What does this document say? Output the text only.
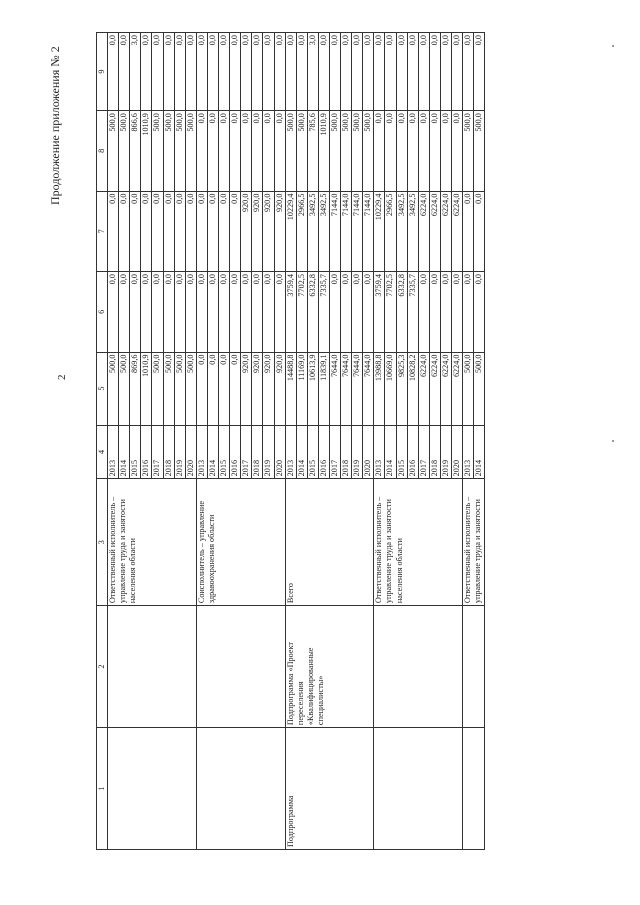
2
Продолжение приложения № 2
1	2	3	4	5	6	7	8	9
		Ответственный исполнитель – управление труда и занятости населения области	2013	500,0	0,0	0,0	500,0	0,0
			2014	500,0	0,0	0,0	500,0	0,0
			2015	869,6	0,0	0,0	866,6	3,0
			2016	1010,9	0,0	0,0	1010,9	0,0
			2017	500,0	0,0	0,0	500,0	0,0
			2018	500,0	0,0	0,0	500,0	0,0
			2019	500,0	0,0	0,0	500,0	0,0
			2020	500,0	0,0	0,0	500,0	0,0
		Соисполнитель – управление здравоохранения области	2013	0,0	0,0	0,0	0,0	0,0
			2014	0,0	0,0	0,0	0,0	0,0
			2015	0,0	0,0	0,0	0,0	0,0
			2016	0,0	0,0	0,0	0,0	0,0
			2017	920,0	0,0	920,0	0,0	0,0
			2018	920,0	0,0	920,0	0,0	0,0
			2019	920,0	0,0	920,0	0,0	0,0
			2020	920,0	0,0	920,0	0,0	0,0
Подпрограмма	Подпрограмма «Проект переселения «Квалифицированные специалисты»	Всего	2013	14488,8	3759,4	10229,4	500,0	0,0
			2014	11169,0	7702,5	2966,5	500,0	0,0
			2015	10613,9	6332,8	3492,5	785,6	3,0
			2016	11839,1	7335,7	3492,5	1010,9	0,0
			2017	7644,0	0,0	7144,0	500,0	0,0
			2018	7644,0	0,0	7144,0	500,0	0,0
			2019	7644,0	0,0	7144,0	500,0	0,0
			2020	7644,0	0,0	7144,0	500,0	0,0
		Ответственный исполнитель – управление труда и занятости населения области	2013	13988,8	3759,4	10229,4	0,0	0,0
			2014	10669,0	7702,5	2966,5	0,0	0,0
			2015	9825,3	6332,8	3492,5	0,0	0,0
			2016	10828,2	7335,7	3492,5	0,0	0,0
			2017	6224,0	0,0	6224,0	0,0	0,0
			2018	6224,0	0,0	6224,0	0,0	0,0
			2019	6224,0	0,0	6224,0	0,0	0,0
			2020	6224,0	0,0	6224,0	0,0	0,0
		Ответственный исполнитель – управление труда и занятости	2013	500,0	0,0	0,0	500,0	0,0
			2014	500,0	0,0	0,0	500,0	0,0
